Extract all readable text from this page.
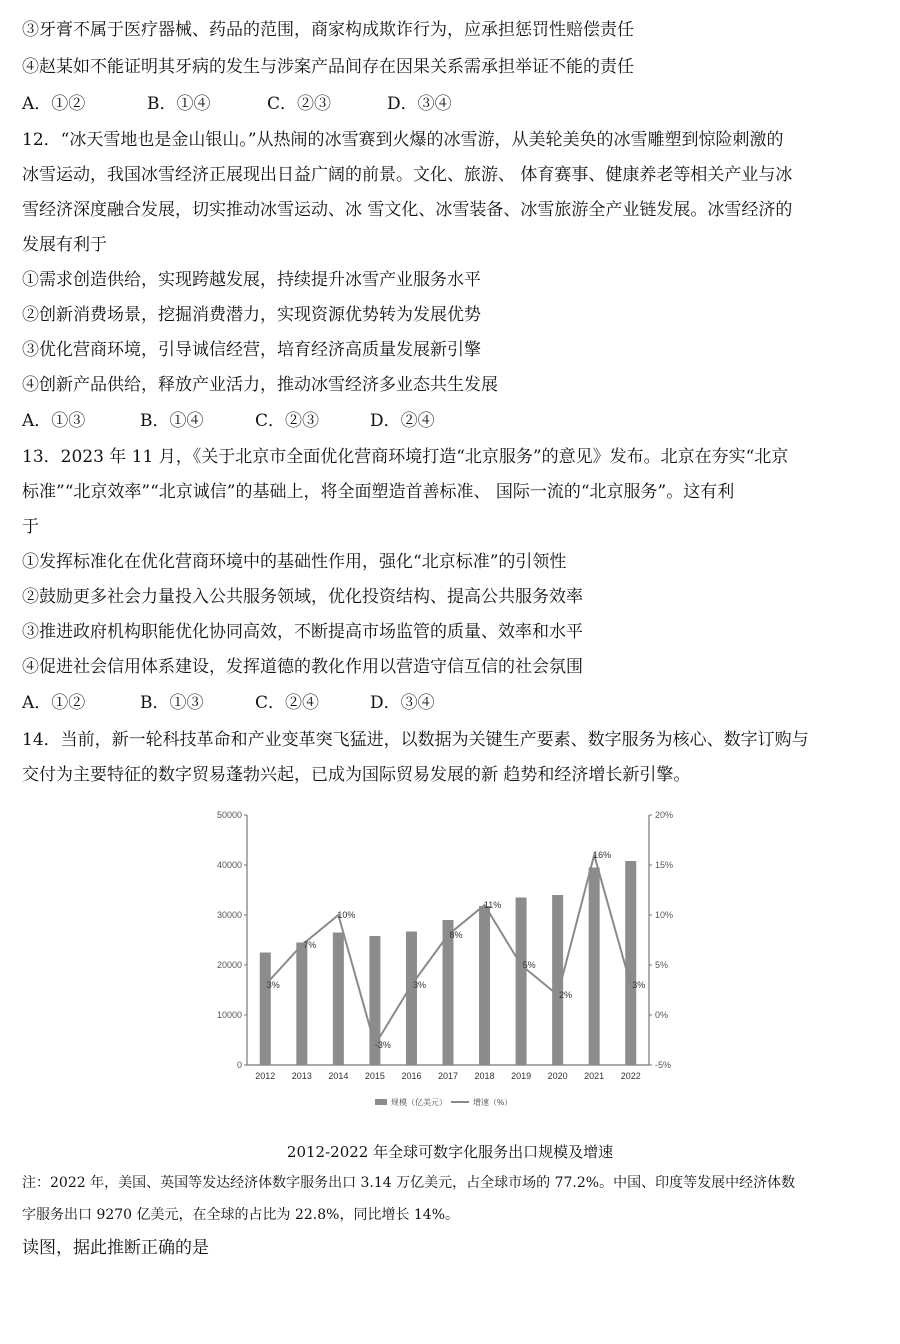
③牙膏不属于医疗器械、药品的范围，商家构成欺诈行为，应承担惩罚性赔偿责任
④赵某如不能证明其牙病的发生与涉案产品间存在因果关系需承担举证不能的责任
A．①②	B．①④	C．②③	D．③④
12．“冰天雪地也是金山银山。”从热闹的冰雪赛到火爆的冰雪游，从美轮美奂的冰雪雕塑到惊险刺激的
冰雪运动，我国冰雪经济正展现出日益广阔的前景。文化、旅游、 体育赛事、健康养老等相关产业与冰
雪经济深度融合发展，切实推动冰雪运动、冰 雪文化、冰雪装备、冰雪旅游全产业链发展。冰雪经济的
发展有利于
①需求创造供给，实现跨越发展，持续提升冰雪产业服务水平
②创新消费场景，挖掘消费潜力，实现资源优势转为发展优势
③优化营商环境，引导诚信经营，培育经济高质量发展新引擎
④创新产品供给，释放产业活力，推动冰雪经济多业态共生发展
A．①③	B．①④	C．②③	D．②④
13．2023 年 11 月，《关于北京市全面优化营商环境打造“北京服务”的意见》发布。北京在夯实“北京
标准”“北京效率”“北京诚信”的基础上，将全面塑造首善标准、 国际一流的“北京服务”。这有利
于
①发挥标准化在优化营商环境中的基础性作用，强化“北京标准”的引领性
②鼓励更多社会力量投入公共服务领域，优化投资结构、提高公共服务效率
③推进政府机构职能优化协同高效，不断提高市场监管的质量、效率和水平
④促进社会信用体系建设，发挥道德的教化作用以营造守信互信的社会氛围
A．①②	B．①③	C．②④	D．③④
14．当前，新一轮科技革命和产业变革突飞猛进，以数据为关键生产要素、数字服务为核心、数字订购与
交付为主要特征的数字贸易蓬勃兴起，已成为国际贸易发展的新 趋势和经济增长新引擎。
0
10000
20000
30000
40000
50000
-5%
0%
5%
10%
15%
20%
2012 2013 2014 2015 2016 2017 2018 2019 2020 2021 2022
3%
7%
10%
-3%
3%
8%
11%
5%
2%
16%
3%
规模（亿美元）	增速（%）
2012-2022 年全球可数字化服务出口规模及增速
注：2022 年，美国、英国等发达经济体数字服务出口 3.14 万亿美元，占全球市场的 77.2%。中国、印度等发展中经济体数
字服务出口 9270 亿美元，在全球的占比为 22.8%，同比增长 14%。
读图，据此推断正确的是
